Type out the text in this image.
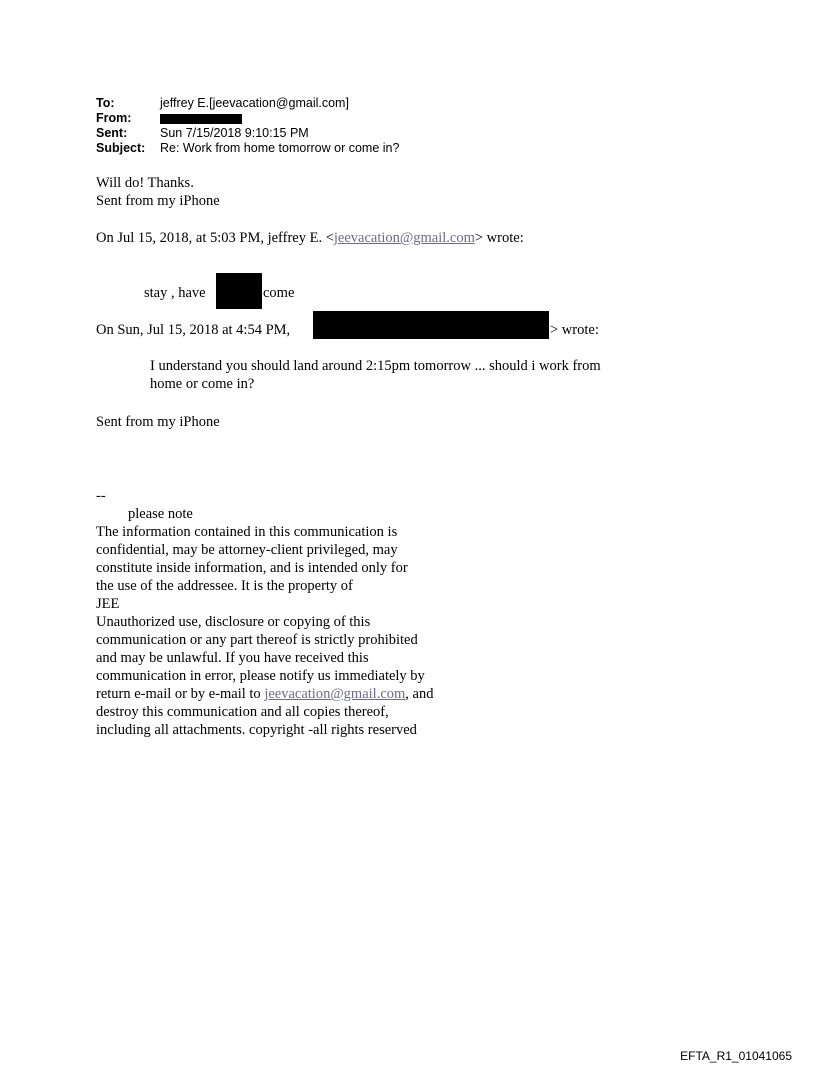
To:	jeffrey E.[jeevacation@gmail.com]
From:
Sent:	Sun 7/15/2018 9:10:15 PM
Subject:	Re: Work from home tomorrow or come in?
Will do! Thanks.
Sent from my iPhone
On Jul 15, 2018, at 5:03 PM, jeffrey E. <jeevacation@gmail.com> wrote:
stay , have	come
On Sun, Jul 15, 2018 at 4:54 PM,	> wrote:
I understand you should land around 2:15pm tomorrow ... should i work from
home or come in?
Sent from my iPhone
--
please note
The information contained in this communication is
confidential, may be attorney-client privileged, may
constitute inside information, and is intended only for
the use of the addressee. It is the property of
JEE
Unauthorized use, disclosure or copying of this
communication or any part thereof is strictly prohibited
and may be unlawful. If you have received this
communication in error, please notify us immediately by
return e-mail or by e-mail to jeevacation@gmail.com, and
destroy this communication and all copies thereof,
including all attachments. copyright -all rights reserved
EFTA_R1_01041065
